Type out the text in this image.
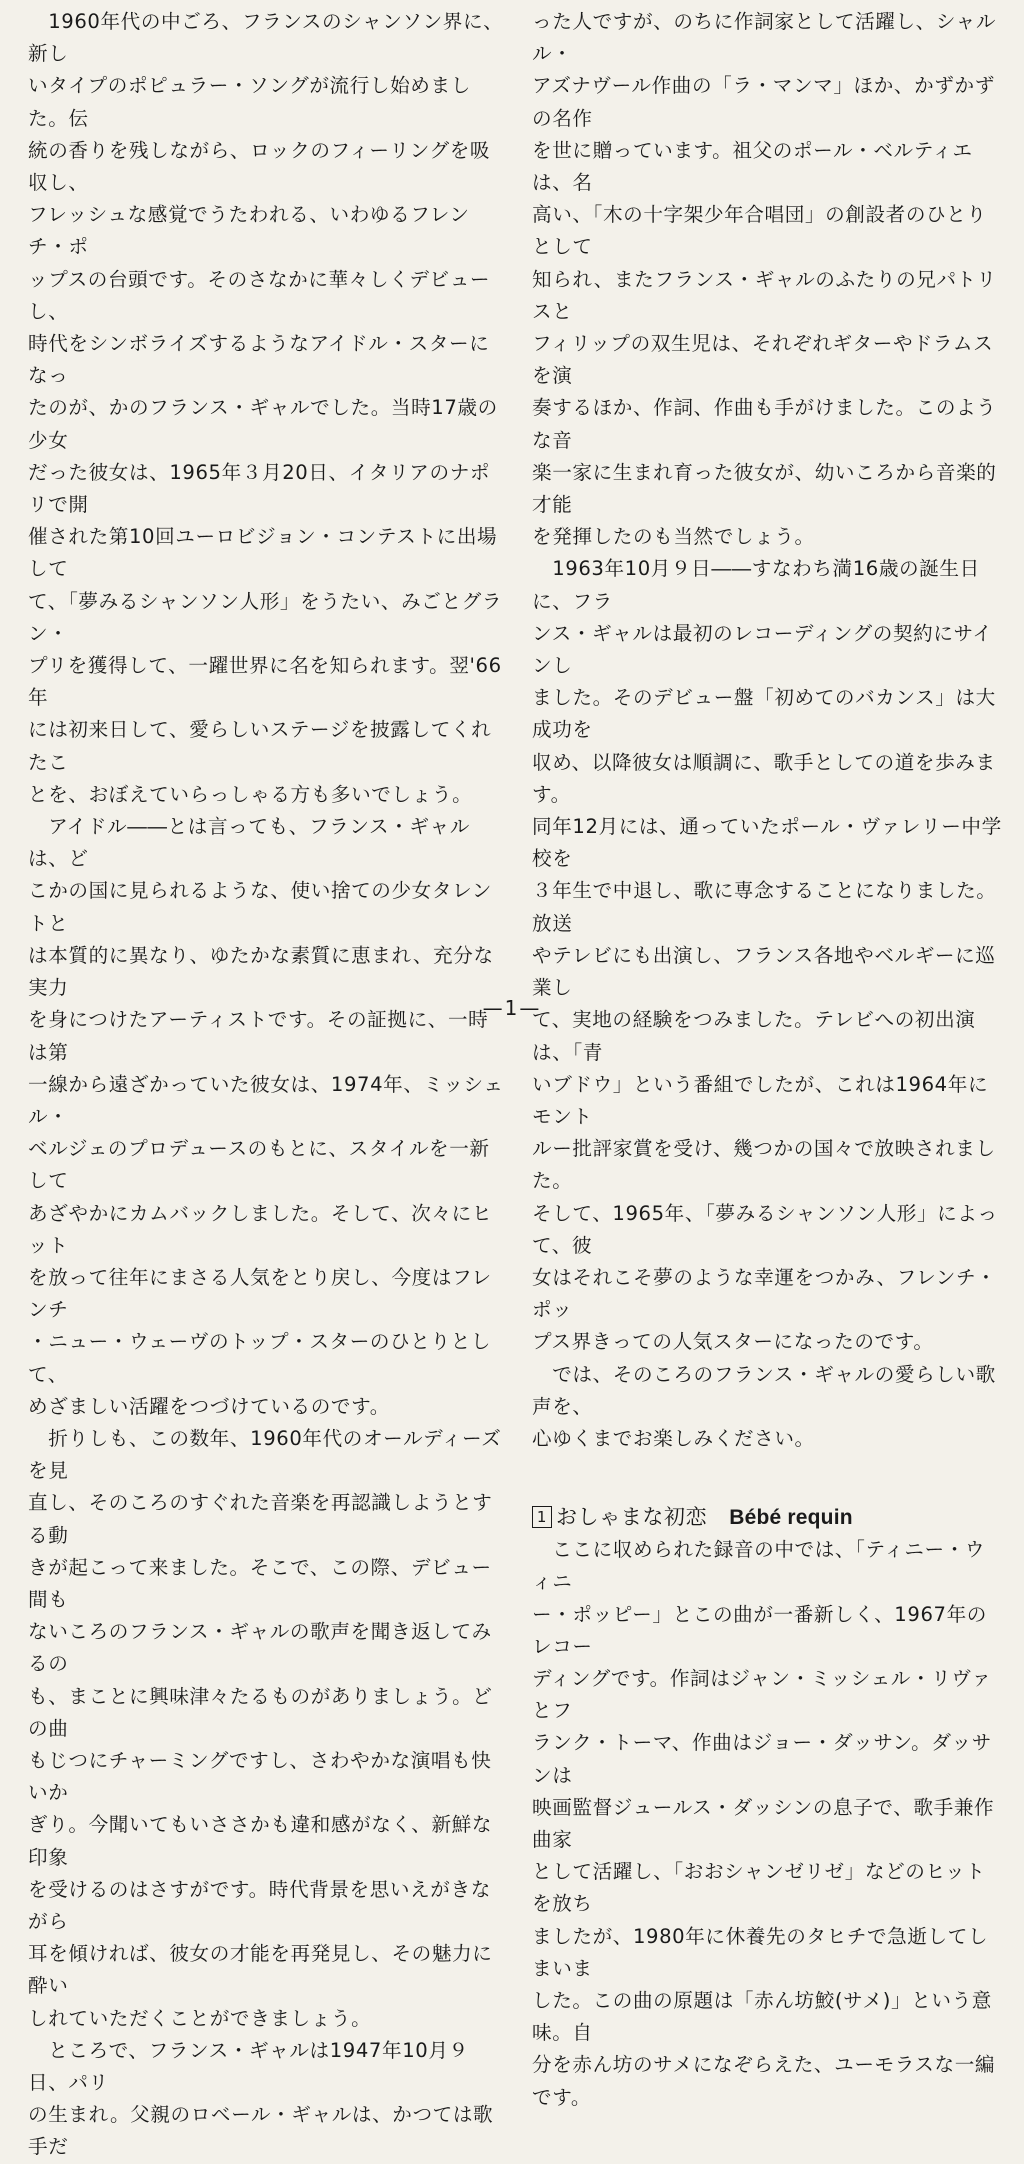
　1960年代の中ごろ、フランスのシャンソン界に、新し
いタイプのポピュラー・ソングが流行し始めました。伝
統の香りを残しながら、ロックのフィーリングを吸収し、
フレッシュな感覚でうたわれる、いわゆるフレンチ・ポ
ップスの台頭です。そのさなかに華々しくデビューし、
時代をシンボライズするようなアイドル・スターになっ
たのが、かのフランス・ギャルでした。当時17歳の少女
だった彼女は、1965年３月20日、イタリアのナポリで開
催された第10回ユーロビジョン・コンテストに出場して
て、「夢みるシャンソン人形」をうたい、みごとグラン・
プリを獲得して、一躍世界に名を知られます。翌'66 年
には初来日して、愛らしいステージを披露してくれたこ
とを、おぼえていらっしゃる方も多いでしょう。

　アイドル――とは言っても、フランス・ギャルは、ど
こかの国に見られるような、使い捨ての少女タレントと
は本質的に異なり、ゆたかな素質に恵まれ、充分な実力
を身につけたアーティストです。その証拠に、一時は第
一線から遠ざかっていた彼女は、1974年、ミッシェル・
ベルジェのプロデュースのもとに、スタイルを一新して
あざやかにカムバックしました。そして、次々にヒット
を放って往年にまさる人気をとり戻し、今度はフレンチ
・ニュー・ウェーヴのトップ・スターのひとりとして、
めざましい活躍をつづけているのです。

　折りしも、この数年、1960年代のオールディーズを見
直し、そのころのすぐれた音楽を再認識しようとする動
きが起こって来ました。そこで、この際、デビュー間も
ないころのフランス・ギャルの歌声を聞き返してみるの
も、まことに興味津々たるものがありましょう。どの曲
もじつにチャーミングですし、さわやかな演唱も快いか
ぎり。今聞いてもいささかも違和感がなく、新鮮な印象
を受けるのはさすがです。時代背景を思いえがきながら
耳を傾ければ、彼女の才能を再発見し、その魅力に酔い
しれていただくことができましょう。

　ところで、フランス・ギャルは1947年10月９日、パリ
の生まれ。父親のロベール・ギャルは、かつては歌手だ

った人ですが、のちに作詞家として活躍し、シャルル・
アズナヴール作曲の「ラ・マンマ」ほか、かずかずの名作
を世に贈っています。祖父のポール・ベルティエは、名
高い、「木の十字架少年合唱団」の創設者のひとりとして
知られ、またフランス・ギャルのふたりの兄パトリスと
フィリップの双生児は、それぞれギターやドラムスを演
奏するほか、作詞、作曲も手がけました。このような音
楽一家に生まれ育った彼女が、幼いころから音楽的才能
を発揮したのも当然でしょう。

　1963年10月９日――すなわち満16歳の誕生日に、フラ
ンス・ギャルは最初のレコーディングの契約にサインし
ました。そのデビュー盤「初めてのバカンス」は大成功を
収め、以降彼女は順調に、歌手としての道を歩みます。
同年12月には、通っていたポール・ヴァレリー中学校を
３年生で中退し、歌に専念することになりました。放送
やテレビにも出演し、フランス各地やベルギーに巡業し
て、実地の経験をつみました。テレビへの初出演は、「青
いブドウ」という番組でしたが、これは1964年にモント
ルー批評家賞を受け、幾つかの国々で放映されました。
そして、1965年、「夢みるシャンソン人形」によって、彼
女はそれこそ夢のような幸運をつかみ、フレンチ・ポッ
プス界きっての人気スターになったのです。

　では、そのころのフランス・ギャルの愛らしい歌声を、
心ゆくまでお楽しみください。

1 おしゃまな初恋 Bébé requin

　ここに収められた録音の中では、「ティニー・ウィニ
ー・ポッピー」とこの曲が一番新しく、1967年のレコー
ディングです。作詞はジャン・ミッシェル・リヴァとフ
ランク・トーマ、作曲はジョー・ダッサン。ダッサンは
映画監督ジュールス・ダッシンの息子で、歌手兼作曲家
として活躍し、「おおシャンゼリゼ」などのヒットを放ち
ましたが、1980年に休養先のタヒチで急逝してしまいま
した。この曲の原題は「赤ん坊鮫(サメ)」という意味。自
分を赤ん坊のサメになぞらえた、ユーモラスな一編です。

—1—
